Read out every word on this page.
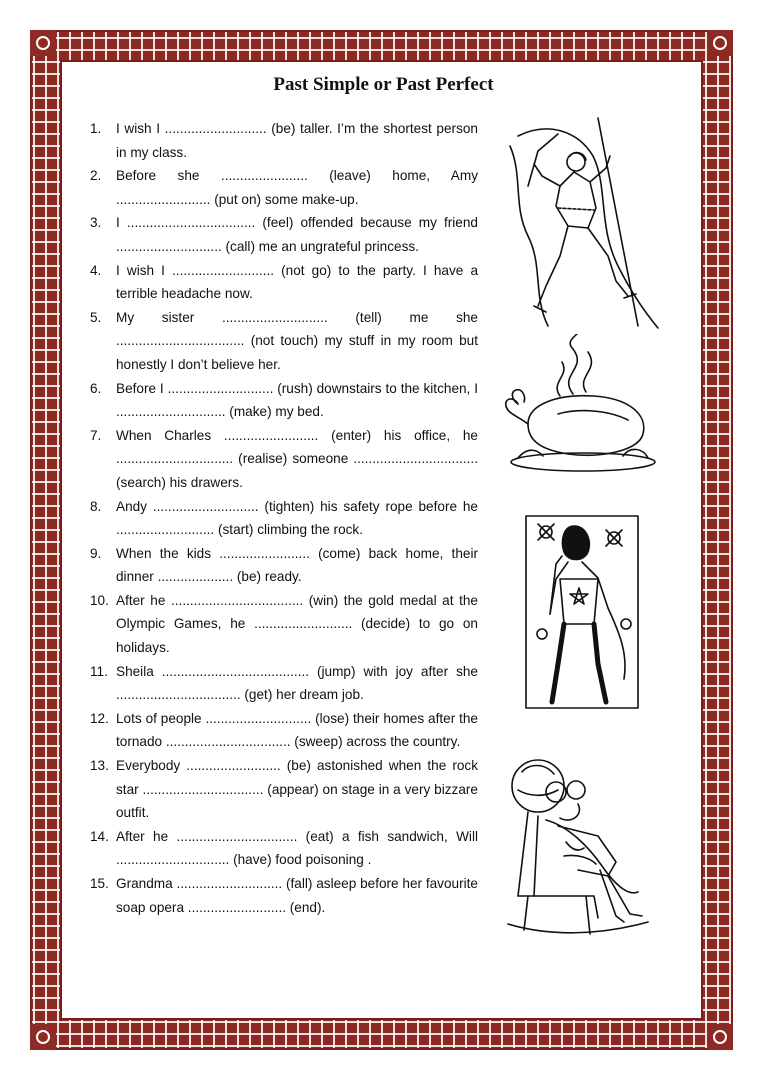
Past Simple or Past Perfect
1. I wish I ........................... (be) taller. I’m the shortest person in my class.
2. Before she ....................... (leave) home, Amy ......................... (put on) some make-up.
3. I .................................. (feel) offended because my friend ............................ (call) me an ungrateful princess.
4. I wish I ........................... (not go) to the party. I have a terrible headache now.
5. My sister ............................ (tell) me she .................................. (not touch) my stuff in my room but honestly I don’t believe her.
6. Before I ............................ (rush) downstairs to the kitchen, I ............................. (make) my bed.
7. When Charles ......................... (enter) his office, he ............................... (realise) someone ................................. (search) his drawers.
8. Andy ............................ (tighten) his safety rope before he .......................... (start) climbing the rock.
9. When the kids ........................ (come) back home, their dinner .................... (be) ready.
10. After he ................................... (win) the gold medal at the Olympic Games, he .......................... (decide) to go on holidays.
11. Sheila ....................................... (jump) with joy after she ................................. (get) her dream job.
12. Lots of people ............................ (lose) their homes after the tornado ................................. (sweep) across the country.
13. Everybody ......................... (be) astonished when the rock star ................................ (appear) on stage in a very bizzare outfit.
14. After he ................................ (eat) a fish sandwich, Will .............................. (have) food poisoning .
15. Grandma ............................ (fall) asleep before her favourite soap opera .......................... (end).
